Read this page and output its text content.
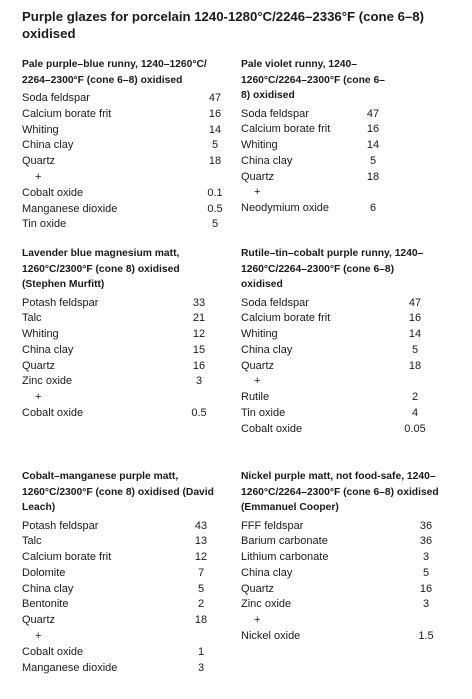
Purple glazes for porcelain 1240-1280°C/2246–2336°F (cone 6–8) oxidised
Pale purple–blue runny, 1240–1260°C/ 2264–2300°F (cone 6–8) oxidised
Soda feldspar	47
Calcium borate frit	16
Whiting	14
China clay	5
Quartz	18
+
Cobalt oxide	0.1
Manganese dioxide	0.5
Tin oxide	5
Pale violet runny, 1240–1260°C/2264–2300°F (cone 6–8) oxidised
Soda feldspar	47
Calcium borate frit	16
Whiting	14
China clay	5
Quartz	18
+
Neodymium oxide	6
Lavender blue magnesium matt, 1260°C/2300°F (cone 8) oxidised (Stephen Murfitt)
Potash feldspar	33
Talc	21
Whiting	12
China clay	15
Quartz	16
Zinc oxide	3
+
Cobalt oxide	0.5
Rutile–tin–cobalt purple runny, 1240–1260°C/2264–2300°F (cone 6–8) oxidised
Soda feldspar	47
Calcium borate frit	16
Whiting	14
China clay	5
Quartz	18
+
Rutile	2
Tin oxide	4
Cobalt oxide	0.05
Cobalt–manganese purple matt, 1260°C/2300°F (cone 8) oxidised (David Leach)
Potash feldspar	43
Talc	13
Calcium borate frit	12
Dolomite	7
China clay	5
Bentonite	2
Quartz	18
+
Cobalt oxide	1
Manganese dioxide	3
Nickel purple matt, not food-safe, 1240–1260°C/2264–2300°F (cone 6–8) oxidised (Emmanuel Cooper)
FFF feldspar	36
Barium carbonate	36
Lithium carbonate	3
China clay	5
Quartz	16
Zinc oxide	3
+
Nickel oxide	1.5
